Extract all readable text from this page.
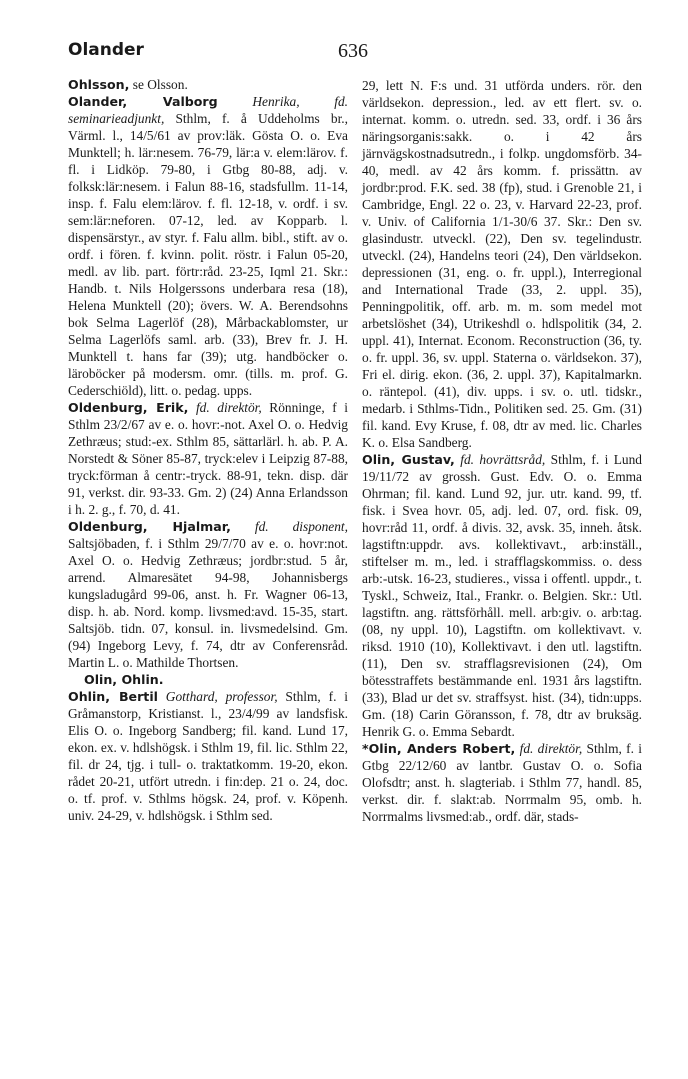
Olander	636

Ohlsson, se Olsson.

Olander, Valborg Henrika, fd. seminarieadjunkt, Sthlm, f. å Uddeholms br., Värml. l., 14/5/61 av prov:läk. Gösta O. o. Eva Munktell; h. lär:nesem. 76-79, lär:a v. elem:lärov. f. fl. i Lidköp. 79-80, i Gtbg 80-88, adj. v. folksk:lär:nesem. i Falun 88-16, stadsfullm. 11-14, insp. f. Falu elem:lärov. f. fl. 12-18, v. ordf. i sv. sem:lär:neforen. 07-12, led. av Kopparb. l. dispensärstyr., av styr. f. Falu allm. bibl., stift. av o. ordf. i fören. f. kvinn. polit. röstr. i Falun 05-20, medl. av lib. part. förtr:råd. 23-25, Iqml 21. Skr.: Handb. t. Nils Holgerssons underbara resa (18), Helena Munktell (20); övers. W. A. Berendsohns bok Selma Lagerlöf (28), Mårbackablomster, ur Selma Lagerlöfs saml. arb. (33), Brev fr. J. H. Munktell t. hans far (39); utg. handböcker o. läroböcker på modersm. omr. (tills. m. prof. G. Cederschiöld), litt. o. pedag. upps.

Oldenburg, Erik, fd. direktör, Rönninge, f i Sthlm 23/2/67 av e. o. hovr:-not. Axel O. o. Hedvig Zethræus; stud:-ex. Sthlm 85, sättarlärl. h. ab. P. A. Norstedt & Söner 85-87, tryck:elev i Leipzig 87-88, tryck:förman å centr:-tryck. 88-91, tekn. disp. där 91, verkst. dir. 93-33. Gm. 2) (24) Anna Erlandsson i h. 2. g., f. 70, d. 41.

Oldenburg, Hjalmar, fd. disponent, Saltsjöbaden, f. i Sthlm 29/7/70 av e. o. hovr:not. Axel O. o. Hedvig Zethræus; jordbr:stud. 5 år, arrend. Almaresätet 94-98, Johannisbergs kungsladugård 99-06, anst. h. Fr. Wagner 06-13, disp. h. ab. Nord. komp. livsmed:avd. 15-35, start. Saltsjöb. tidn. 07, konsul. in. livsmedelsind. Gm. (94) Ingeborg Levy, f. 74, dtr av Conferensråd. Martin L. o. Mathilde Thortsen.

Olin, Ohlin.

Ohlin, Bertil Gotthard, professor, Sthlm, f. i Gråmanstorp, Kristianst. l., 23/4/99 av landsfisk. Elis O. o. Ingeborg Sandberg; fil. kand. Lund 17, ekon. ex. v. hdlshögsk. i Sthlm 19, fil. lic. Sthlm 22, fil. dr 24, tjg. i tull- o. traktatkomm. 19-20, ekon. rådet 20-21, utfört utredn. i fin:dep. 21 o. 24, doc. o. tf. prof. v. Sthlms högsk. 24, prof. v. Köpenh. univ. 24-29, v. hdlshögsk. i Sthlm sed.

29, lett N. F:s und. 31 utförda unders. rör. den världsekon. depression., led. av ett flert. sv. o. internat. komm. o. utredn. sed. 33, ordf. i 36 års näringsorganis:sakk. o. i 42 års järnvägskostnadsutredn., i folkp. ungdomsförb. 34-40, medl. av 42 års komm. f. prissättn. av jordbr:prod. F.K. sed. 38 (fp), stud. i Grenoble 21, i Cambridge, Engl. 22 o. 23, v. Harvard 22-23, prof. v. Univ. of California 1/1-30/6 37. Skr.: Den sv. glasindustr. utveckl. (22), Den sv. tegelindustr. utveckl. (24), Handelns teori (24), Den världsekon. depressionen (31, eng. o. fr. uppl.), Interregional and International Trade (33, 2. uppl. 35), Penningpolitik, off. arb. m. m. som medel mot arbetslöshet (34), Utrikeshdl o. hdlspolitik (34, 2. uppl. 41), Internat. Econom. Reconstruction (36, ty. o. fr. uppl. 36, sv. uppl. Staterna o. världsekon. 37), Fri el. dirig. ekon. (36, 2. uppl. 37), Kapitalmarkn. o. räntepol. (41), div. upps. i sv. o. utl. tidskr., medarb. i Sthlms-Tidn., Politiken sed. 25. Gm. (31) fil. kand. Evy Kruse, f. 08, dtr av med. lic. Charles K. o. Elsa Sandberg.

Olin, Gustav, fd. hovrättsråd, Sthlm, f. i Lund 19/11/72 av grossh. Gust. Edv. O. o. Emma Ohrman; fil. kand. Lund 92, jur. utr. kand. 99, tf. fisk. i Svea hovr. 05, adj. led. 07, ord. fisk. 09, hovr:råd 11, ordf. å divis. 32, avsk. 35, inneh. åtsk. lagstiftn:uppdr. avs. kollektivavt., arb:inställ., stiftelser m. m., led. i strafflagskommiss. o. dess arb:-utsk. 16-23, studieres., vissa i offentl. uppdr., t. Tyskl., Schweiz, Ital., Frankr. o. Belgien. Skr.: Utl. lagstiftn. ang. rättsförhåll. mell. arb:giv. o. arb:tag. (08, ny uppl. 10), Lagstiftn. om kollektivavt. v. riksd. 1910 (10), Kollektivavt. i den utl. lagstiftn. (11), Den sv. strafflagsrevisionen (24), Om bötesstraffets bestämmande enl. 1931 års lagstiftn. (33), Blad ur det sv. straffsyst. hist. (34), tidn:upps. Gm. (18) Carin Göransson, f. 78, dtr av bruksäg. Henrik G. o. Emma Sebardt.

*Olin, Anders Robert, fd. direktör, Sthlm, f. i Gtbg 22/12/60 av lantbr. Gustav O. o. Sofia Olofsdtr; anst. h. slagteriab. i Sthlm 77, handl. 85, verkst. dir. f. slakt:ab. Norrmalm 95, omb. h. Norrmalms livsmed:ab., ordf. där, stads-
